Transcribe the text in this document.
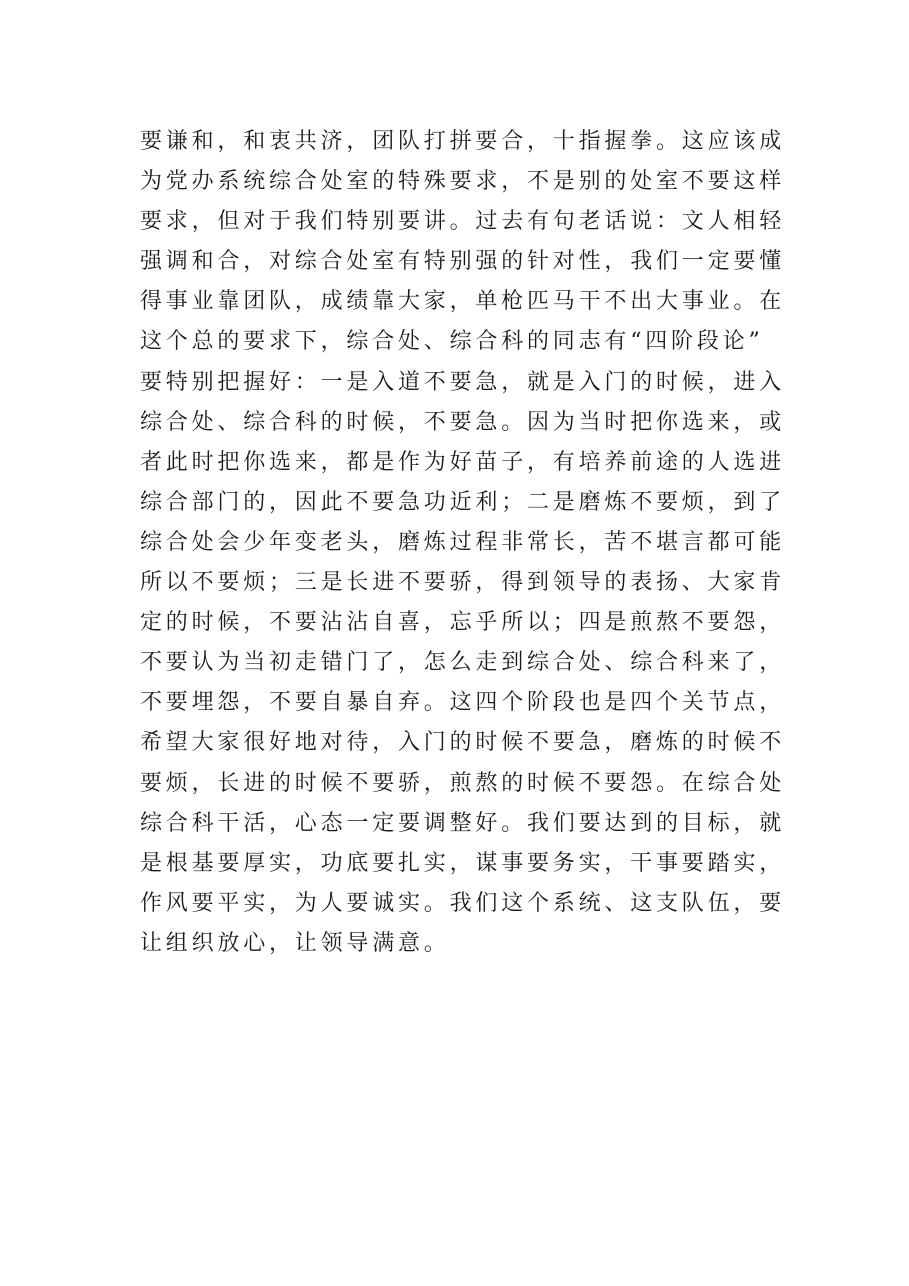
要谦和，和衷共济，团队打拼要合，十指握拳。这应该成
为党办系统综合处室的特殊要求，不是别的处室不要这样
要求，但对于我们特别要讲。过去有句老话说：文人相轻
强调和合，对综合处室有特别强的针对性，我们一定要懂
得事业靠团队，成绩靠大家，单枪匹马干不出大事业。在
这个总的要求下，综合处、综合科的同志有“四阶段论”
要特别把握好：一是入道不要急，就是入门的时候，进入
综合处、综合科的时候，不要急。因为当时把你选来，或
者此时把你选来，都是作为好苗子，有培养前途的人选进
综合部门的，因此不要急功近利；二是磨炼不要烦，到了
综合处会少年变老头，磨炼过程非常长，苦不堪言都可能
所以不要烦；三是长进不要骄，得到领导的表扬、大家肯
定的时候，不要沾沾自喜，忘乎所以；四是煎熬不要怨，
不要认为当初走错门了，怎么走到综合处、综合科来了，
不要埋怨，不要自暴自弃。这四个阶段也是四个关节点，
希望大家很好地对待，入门的时候不要急，磨炼的时候不
要烦，长进的时候不要骄，煎熬的时候不要怨。在综合处
综合科干活，心态一定要调整好。我们要达到的目标，就
是根基要厚实，功底要扎实，谋事要务实，干事要踏实，
作风要平实，为人要诚实。我们这个系统、这支队伍，要
让组织放心，让领导满意。
